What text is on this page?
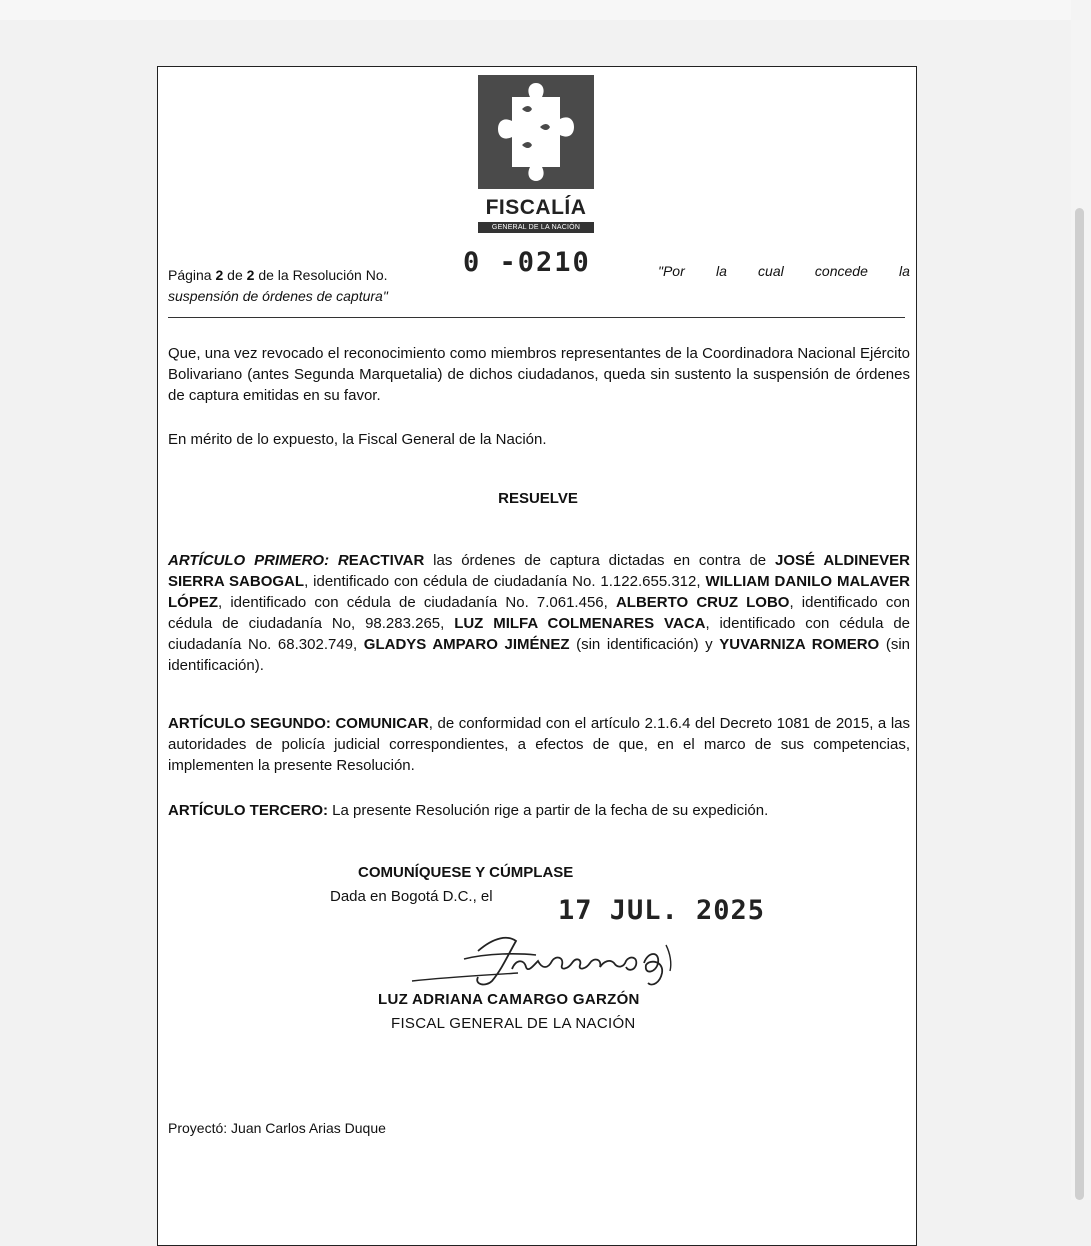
FISCALÍA
GENERAL DE LA NACIÓN
Página 2 de 2 de la Resolución No.
suspensión de órdenes de captura"
0 -0210	"Por la cual concede la
Que, una vez revocado el reconocimiento como miembros representantes de la Coordinadora Nacional Ejército Bolivariano (antes Segunda Marquetalia) de dichos ciudadanos, queda sin sustento la suspensión de órdenes de captura emitidas en su favor.
En mérito de lo expuesto, la Fiscal General de la Nación.
RESUELVE
ARTÍCULO PRIMERO: REACTIVAR las órdenes de captura dictadas en contra de JOSÉ ALDINEVER SIERRA SABOGAL, identificado con cédula de ciudadanía No. 1.122.655.312, WILLIAM DANILO MALAVER LÓPEZ, identificado con cédula de ciudadanía No. 7.061.456, ALBERTO CRUZ LOBO, identificado con cédula de ciudadanía No, 98.283.265, LUZ MILFA COLMENARES VACA, identificado con cédula de ciudadanía No. 68.302.749, GLADYS AMPARO JIMÉNEZ (sin identificación) y YUVARNIZA ROMERO (sin identificación).
ARTÍCULO SEGUNDO: COMUNICAR, de conformidad con el artículo 2.1.6.4 del Decreto 1081 de 2015, a las autoridades de policía judicial correspondientes, a efectos de que, en el marco de sus competencias, implementen la presente Resolución.
ARTÍCULO TERCERO: La presente Resolución rige a partir de la fecha de su expedición.
COMUNÍQUESE Y CÚMPLASE
Dada en Bogotá D.C., el 17 JUL. 2025
LUZ ADRIANA CAMARGO GARZÓN
FISCAL GENERAL DE LA NACIÓN
Proyectó: Juan Carlos Arias Duque
